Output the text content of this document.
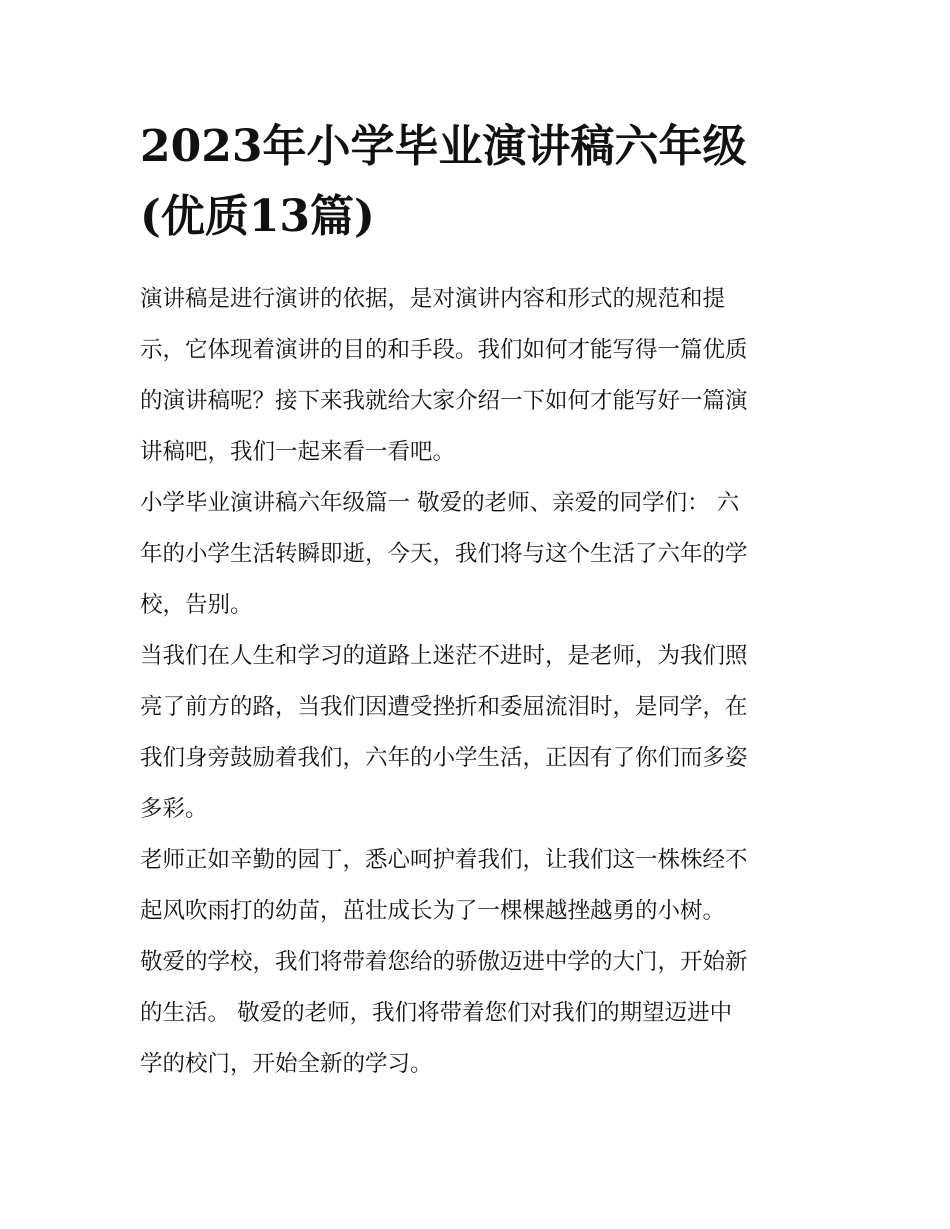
2023年小学毕业演讲稿六年级

(优质13篇)

演讲稿是进行演讲的依据，是对演讲内容和形式的规范和提
示，它体现着演讲的目的和手段。我们如何才能写得一篇优质
的演讲稿呢？接下来我就给大家介绍一下如何才能写好一篇演
讲稿吧，我们一起来看一看吧。
小学毕业演讲稿六年级篇一 敬爱的老师、亲爱的同学们： 六
年的小学生活转瞬即逝，今天，我们将与这个生活了六年的学
校，告别。
当我们在人生和学习的道路上迷茫不进时，是老师，为我们照
亮了前方的路，当我们因遭受挫折和委屈流泪时，是同学，在
我们身旁鼓励着我们，六年的小学生活，正因有了你们而多姿
多彩。
老师正如辛勤的园丁，悉心呵护着我们，让我们这一株株经不
起风吹雨打的幼苗，茁壮成长为了一棵棵越挫越勇的小树。
敬爱的学校，我们将带着您给的骄傲迈进中学的大门，开始新
的生活。 敬爱的老师，我们将带着您们对我们的期望迈进中
学的校门，开始全新的学习。
